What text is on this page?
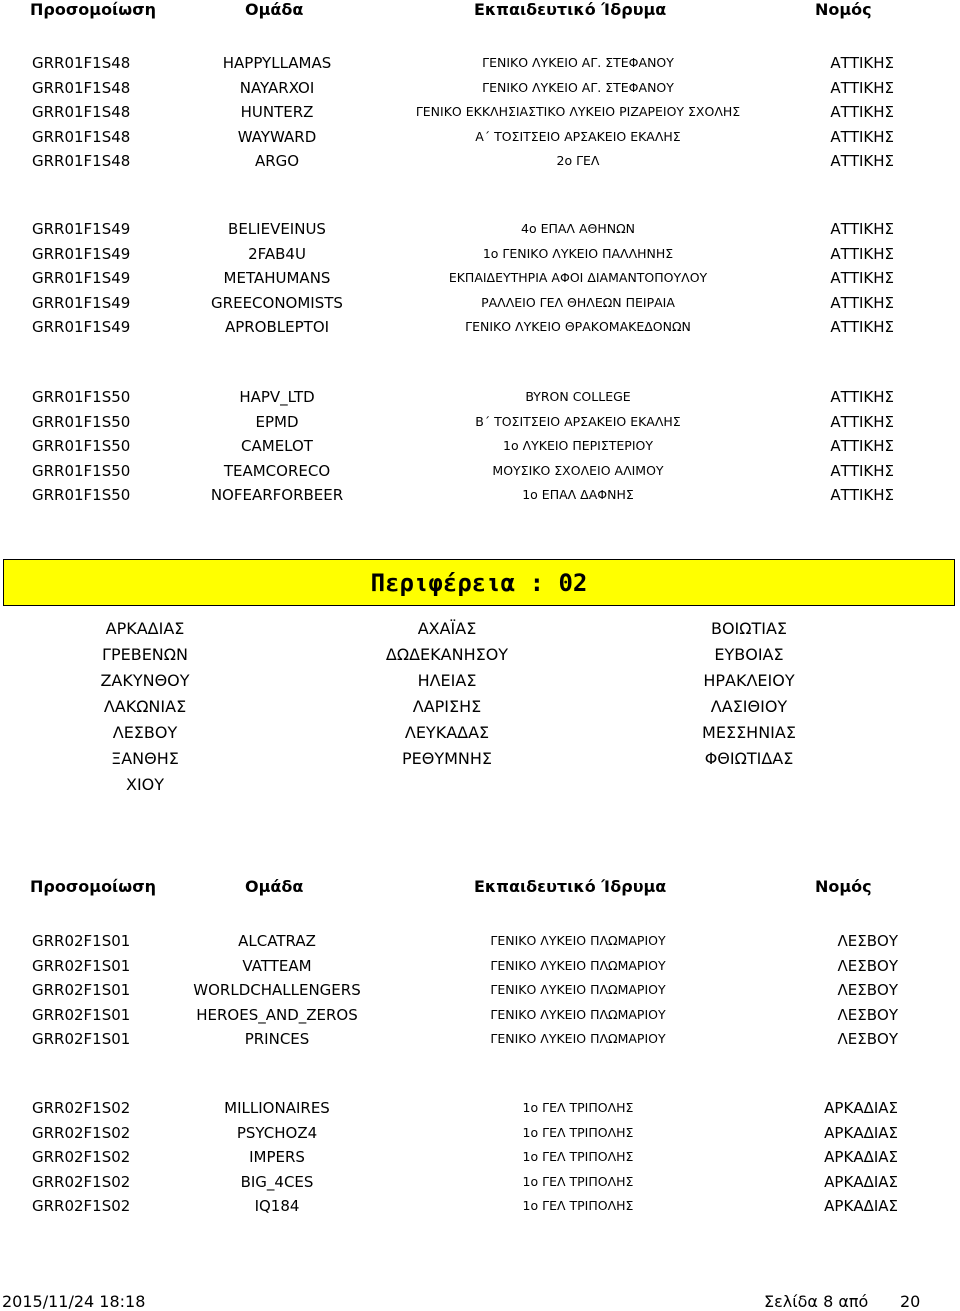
Προσομοίωση	Ομάδα	Εκπαιδευτικό Ίδρυμα	Νομός
GRR01F1S48	HAPPYLLAMAS	ΓΕΝΙΚΟ ΛΥΚΕΙΟ ΑΓ. ΣΤΕΦΑΝΟΥ	ΑΤΤΙΚΗΣ
GRR01F1S48	NAYARXOI	ΓΕΝΙΚΟ ΛΥΚΕΙΟ ΑΓ. ΣΤΕΦΑΝΟΥ	ΑΤΤΙΚΗΣ
GRR01F1S48	HUNTERZ	ΓΕΝΙΚΟ ΕΚΚΛΗΣΙΑΣΤΙΚΟ ΛΥΚΕΙΟ ΡΙΖΑΡΕΙΟΥ ΣΧΟΛΗΣ	ΑΤΤΙΚΗΣ
GRR01F1S48	WAYWARD	Α΄ ΤΟΣΙΤΣΕΙΟ ΑΡΣΑΚΕΙΟ ΕΚΑΛΗΣ	ΑΤΤΙΚΗΣ
GRR01F1S48	ARGO	2ο ΓΕΛ	ΑΤΤΙΚΗΣ
GRR01F1S49	BELIEVEINUS	4ο ΕΠΑΛ ΑΘΗΝΩΝ	ΑΤΤΙΚΗΣ
GRR01F1S49	2FAB4U	1ο ΓΕΝΙΚΟ ΛΥΚΕΙΟ ΠΑΛΛΗΝΗΣ	ΑΤΤΙΚΗΣ
GRR01F1S49	METAHUMANS	ΕΚΠΑΙΔΕΥΤΗΡΙΑ ΑΦΟΙ ΔΙΑΜΑΝΤΟΠΟΥΛΟΥ	ΑΤΤΙΚΗΣ
GRR01F1S49	GREECONOMISTS	ΡΑΛΛΕΙΟ ΓΕΛ ΘΗΛΕΩΝ ΠΕΙΡΑΙΑ	ΑΤΤΙΚΗΣ
GRR01F1S49	APROBLEPTOI	ΓΕΝΙΚΟ ΛΥΚΕΙΟ ΘΡΑΚΟΜΑΚΕΔΟΝΩΝ	ΑΤΤΙΚΗΣ
GRR01F1S50	HAPV_LTD	BYRON COLLEGE	ΑΤΤΙΚΗΣ
GRR01F1S50	EPMD	Β΄ ΤΟΣΙΤΣΕΙΟ ΑΡΣΑΚΕΙΟ ΕΚΑΛΗΣ	ΑΤΤΙΚΗΣ
GRR01F1S50	CAMELOT	1ο ΛΥΚΕΙΟ ΠΕΡΙΣΤΕΡΙΟΥ	ΑΤΤΙΚΗΣ
GRR01F1S50	TEAMCORECO	ΜΟΥΣΙΚΟ ΣΧΟΛΕΙΟ ΑΛΙΜΟΥ	ΑΤΤΙΚΗΣ
GRR01F1S50	NOFEARFORBEER	1ο ΕΠΑΛ ΔΑΦΝΗΣ	ΑΤΤΙΚΗΣ
Περιφέρεια : 02
ΑΡΚΑΔΙΑΣ	ΑΧΑΪΑΣ	ΒΟΙΩΤΙΑΣ
ΓΡΕΒΕΝΩΝ	ΔΩΔΕΚΑΝΗΣΟΥ	ΕΥΒΟΙΑΣ
ΖΑΚΥΝΘΟΥ	ΗΛΕΙΑΣ	ΗΡΑΚΛΕΙΟΥ
ΛΑΚΩΝΙΑΣ	ΛΑΡΙΣΗΣ	ΛΑΣΙΘΙΟΥ
ΛΕΣΒΟΥ	ΛΕΥΚΑΔΑΣ	ΜΕΣΣΗΝΙΑΣ
ΞΑΝΘΗΣ	ΡΕΘΥΜΝΗΣ	ΦΘΙΩΤΙΔΑΣ
ΧΙΟΥ
Προσομοίωση	Ομάδα	Εκπαιδευτικό Ίδρυμα	Νομός
GRR02F1S01	ALCATRAZ	ΓΕΝΙΚΟ ΛΥΚΕΙΟ ΠΛΩΜΑΡΙΟΥ	ΛΕΣΒΟΥ
GRR02F1S01	VATTEAM	ΓΕΝΙΚΟ ΛΥΚΕΙΟ ΠΛΩΜΑΡΙΟΥ	ΛΕΣΒΟΥ
GRR02F1S01	WORLDCHALLENGERS	ΓΕΝΙΚΟ ΛΥΚΕΙΟ ΠΛΩΜΑΡΙΟΥ	ΛΕΣΒΟΥ
GRR02F1S01	HEROES_AND_ZEROS	ΓΕΝΙΚΟ ΛΥΚΕΙΟ ΠΛΩΜΑΡΙΟΥ	ΛΕΣΒΟΥ
GRR02F1S01	PRINCES	ΓΕΝΙΚΟ ΛΥΚΕΙΟ ΠΛΩΜΑΡΙΟΥ	ΛΕΣΒΟΥ
GRR02F1S02	MILLIONAIRES	1ο ΓΕΛ ΤΡΙΠΟΛΗΣ	ΑΡΚΑΔΙΑΣ
GRR02F1S02	PSYCHOZ4	1ο ΓΕΛ ΤΡΙΠΟΛΗΣ	ΑΡΚΑΔΙΑΣ
GRR02F1S02	IMPERS	1ο ΓΕΛ ΤΡΙΠΟΛΗΣ	ΑΡΚΑΔΙΑΣ
GRR02F1S02	BIG_4CES	1ο ΓΕΛ ΤΡΙΠΟΛΗΣ	ΑΡΚΑΔΙΑΣ
GRR02F1S02	IQ184	1ο ΓΕΛ ΤΡΙΠΟΛΗΣ	ΑΡΚΑΔΙΑΣ
2015/11/24 18:18	Σελίδα 8 από 20
